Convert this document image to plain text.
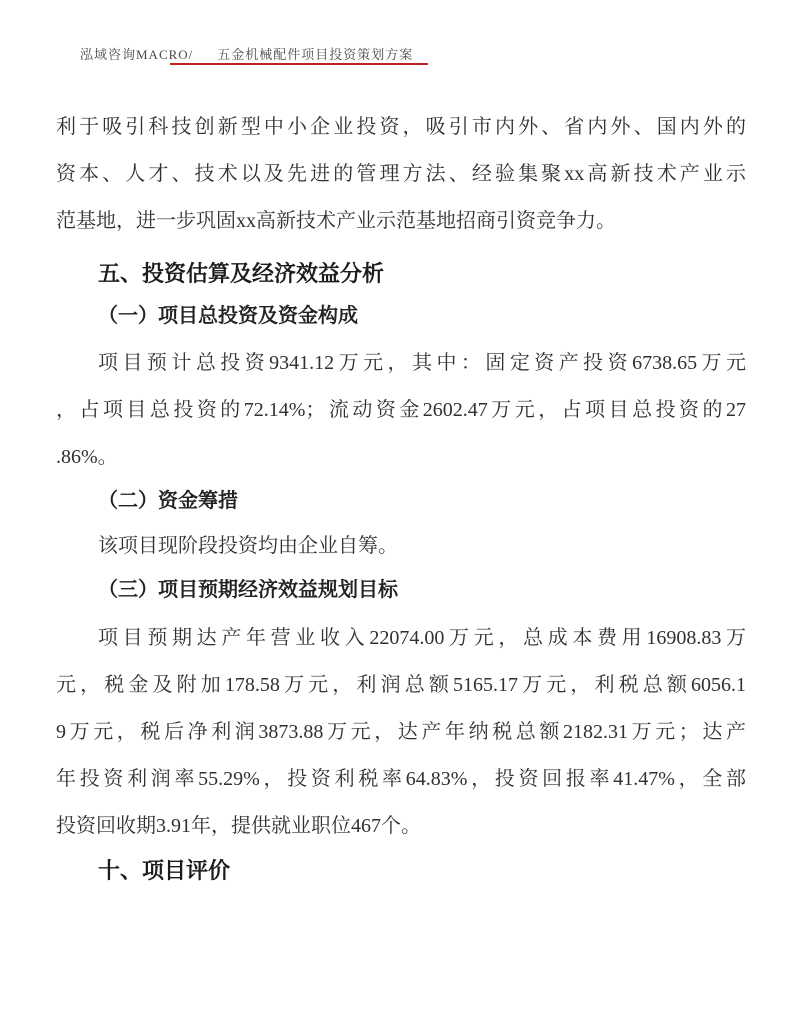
泓域咨询MACRO/ 五金机械配件项目投资策划方案
利于吸引科技创新型中小企业投资，吸引市内外、省内外、国内外的
资本、人才、技术以及先进的管理方法、经验集聚xx高新技术产业示
范基地，进一步巩固xx高新技术产业示范基地招商引资竞争力。
五、投资估算及经济效益分析
（一）项目总投资及资金构成
项目预计总投资9341.12万元，其中：固定资产投资6738.65万元
，占项目总投资的72.14%；流动资金2602.47万元，占项目总投资的27
.86%。
（二）资金筹措
该项目现阶段投资均由企业自筹。
（三）项目预期经济效益规划目标
项目预期达产年营业收入22074.00万元，总成本费用16908.83万
元，税金及附加178.58万元，利润总额5165.17万元，利税总额6056.1
9万元，税后净利润3873.88万元，达产年纳税总额2182.31万元；达产
年投资利润率55.29%，投资利税率64.83%，投资回报率41.47%，全部
投资回收期3.91年，提供就业职位467个。
十、项目评价
